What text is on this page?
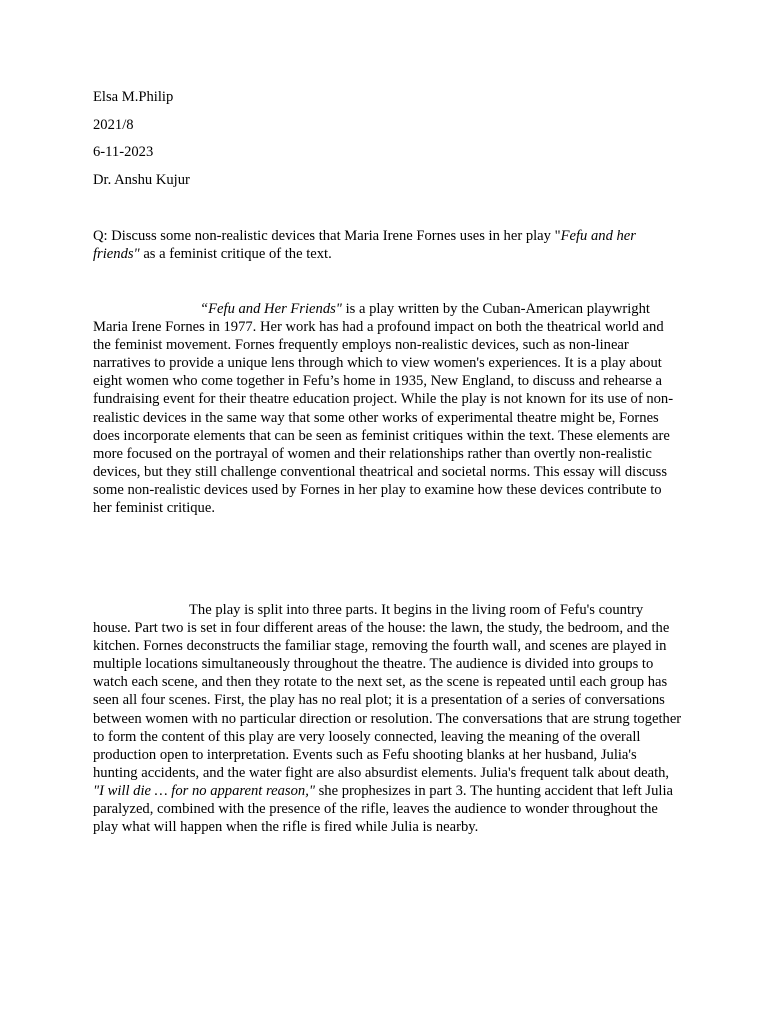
Elsa M.Philip
2021/8
6-11-2023
Dr. Anshu Kujur
Q: Discuss some non-realistic devices that Maria Irene Fornes uses in her play "Fefu and her friends" as a feminist critique of the text.
“Fefu and Her Friends" is a play written by the Cuban-American playwright Maria Irene Fornes in 1977. Her work has had a profound impact on both the theatrical world and the feminist movement. Fornes frequently employs non-realistic devices, such as non-linear narratives to provide a unique lens through which to view women's experiences. It is a play about eight women who come together in Fefu’s home in 1935, New England, to discuss and rehearse a fundraising event for their theatre education project. While the play is not known for its use of non-realistic devices in the same way that some other works of experimental theatre might be, Fornes does incorporate elements that can be seen as feminist critiques within the text. These elements are more focused on the portrayal of women and their relationships rather than overtly non-realistic devices, but they still challenge conventional theatrical and societal norms. This essay will discuss some non-realistic devices used by Fornes in her play to examine how these devices contribute to her feminist critique.
The play is split into three parts. It begins in the living room of Fefu's country house. Part two is set in four different areas of the house: the lawn, the study, the bedroom, and the kitchen. Fornes deconstructs the familiar stage, removing the fourth wall, and scenes are played in multiple locations simultaneously throughout the theatre. The audience is divided into groups to watch each scene, and then they rotate to the next set, as the scene is repeated until each group has seen all four scenes. First, the play has no real plot; it is a presentation of a series of conversations between women with no particular direction or resolution. The conversations that are strung together to form the content of this play are very loosely connected, leaving the meaning of the overall production open to interpretation. Events such as Fefu shooting blanks at her husband, Julia's hunting accidents, and the water fight are also absurdist elements. Julia's frequent talk about death, "I will die … for no apparent reason," she prophesizes in part 3. The hunting accident that left Julia paralyzed, combined with the presence of the rifle, leaves the audience to wonder throughout the play what will happen when the rifle is fired while Julia is nearby.
